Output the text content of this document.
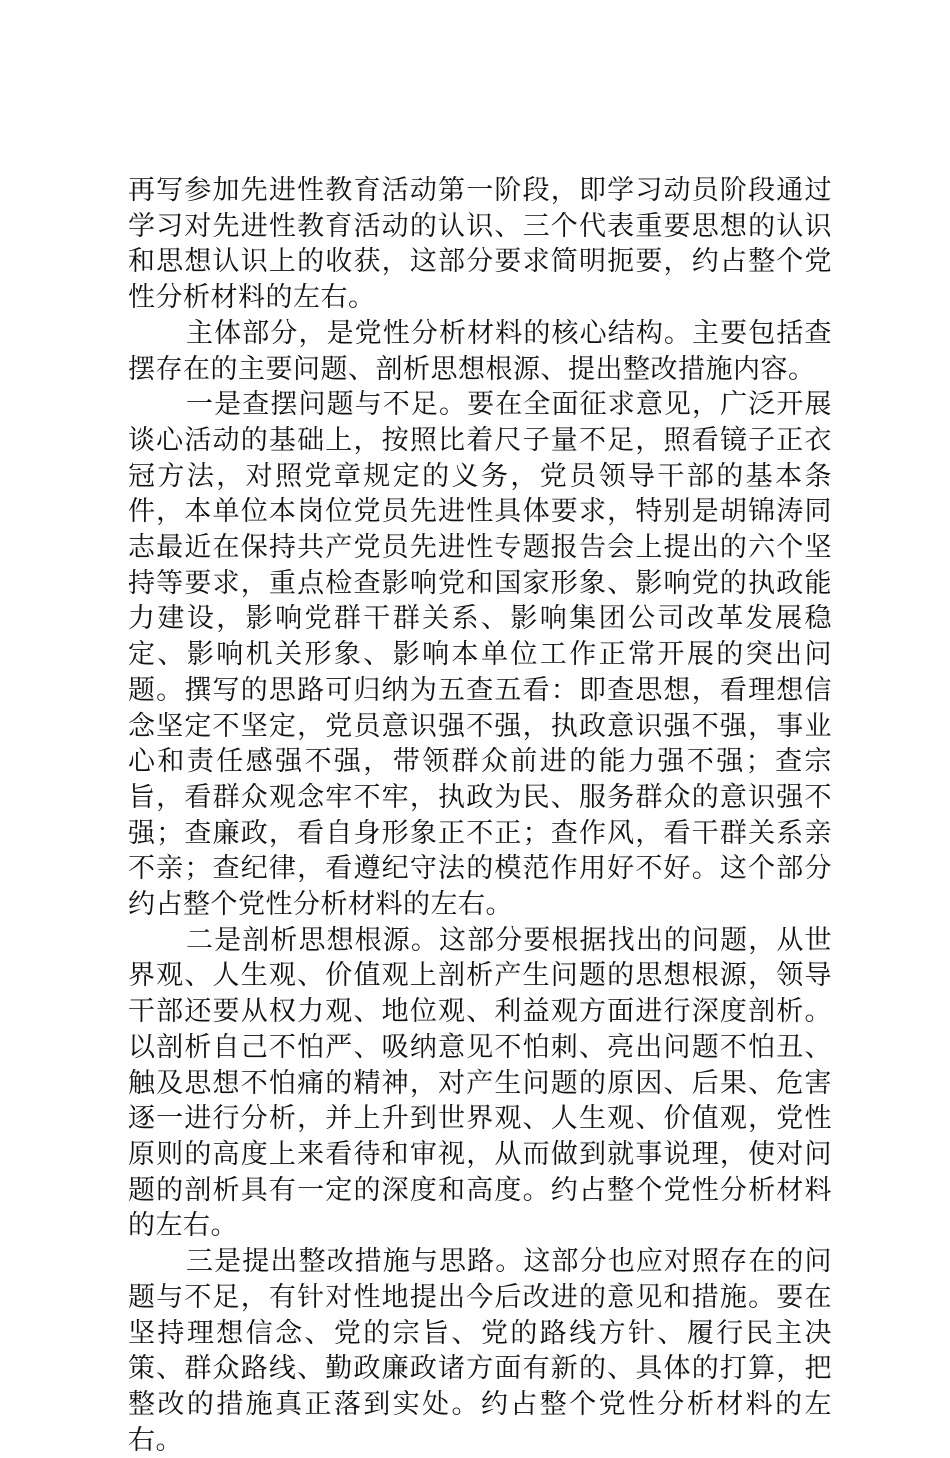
再写参加先进性教育活动第一阶段，即学习动员阶段通过学习对先进性教育活动的认识、三个代表重要思想的认识和思想认识上的收获，这部分要求简明扼要，约占整个党性分析材料的左右。

主体部分，是党性分析材料的核心结构。主要包括查摆存在的主要问题、剖析思想根源、提出整改措施内容。

一是查摆问题与不足。要在全面征求意见，广泛开展谈心活动的基础上，按照比着尺子量不足，照看镜子正衣冠方法，对照党章规定的义务，党员领导干部的基本条件，本单位本岗位党员先进性具体要求，特别是胡锦涛同志最近在保持共产党员先进性专题报告会上提出的六个坚持等要求，重点检查影响党和国家形象、影响党的执政能力建设，影响党群干群关系、影响集团公司改革发展稳定、影响机关形象、影响本单位工作正常开展的突出问题。撰写的思路可归纳为五查五看：即查思想，看理想信念坚定不坚定，党员意识强不强，执政意识强不强，事业心和责任感强不强，带领群众前进的能力强不强；查宗旨，看群众观念牢不牢，执政为民、服务群众的意识强不强；查廉政，看自身形象正不正；查作风，看干群关系亲不亲；查纪律，看遵纪守法的模范作用好不好。这个部分约占整个党性分析材料的左右。

二是剖析思想根源。这部分要根据找出的问题，从世界观、人生观、价值观上剖析产生问题的思想根源，领导干部还要从权力观、地位观、利益观方面进行深度剖析。以剖析自己不怕严、吸纳意见不怕刺、亮出问题不怕丑、触及思想不怕痛的精神，对产生问题的原因、后果、危害逐一进行分析，并上升到世界观、人生观、价值观，党性原则的高度上来看待和审视，从而做到就事说理，使对问题的剖析具有一定的深度和高度。约占整个党性分析材料的左右。

三是提出整改措施与思路。这部分也应对照存在的问题与不足，有针对性地提出今后改进的意见和措施。要在坚持理想信念、党的宗旨、党的路线方针、履行民主决策、群众路线、勤政廉政诸方面有新的、具体的打算，把整改的措施真正落到实处。约占整个党性分析材料的左右。
